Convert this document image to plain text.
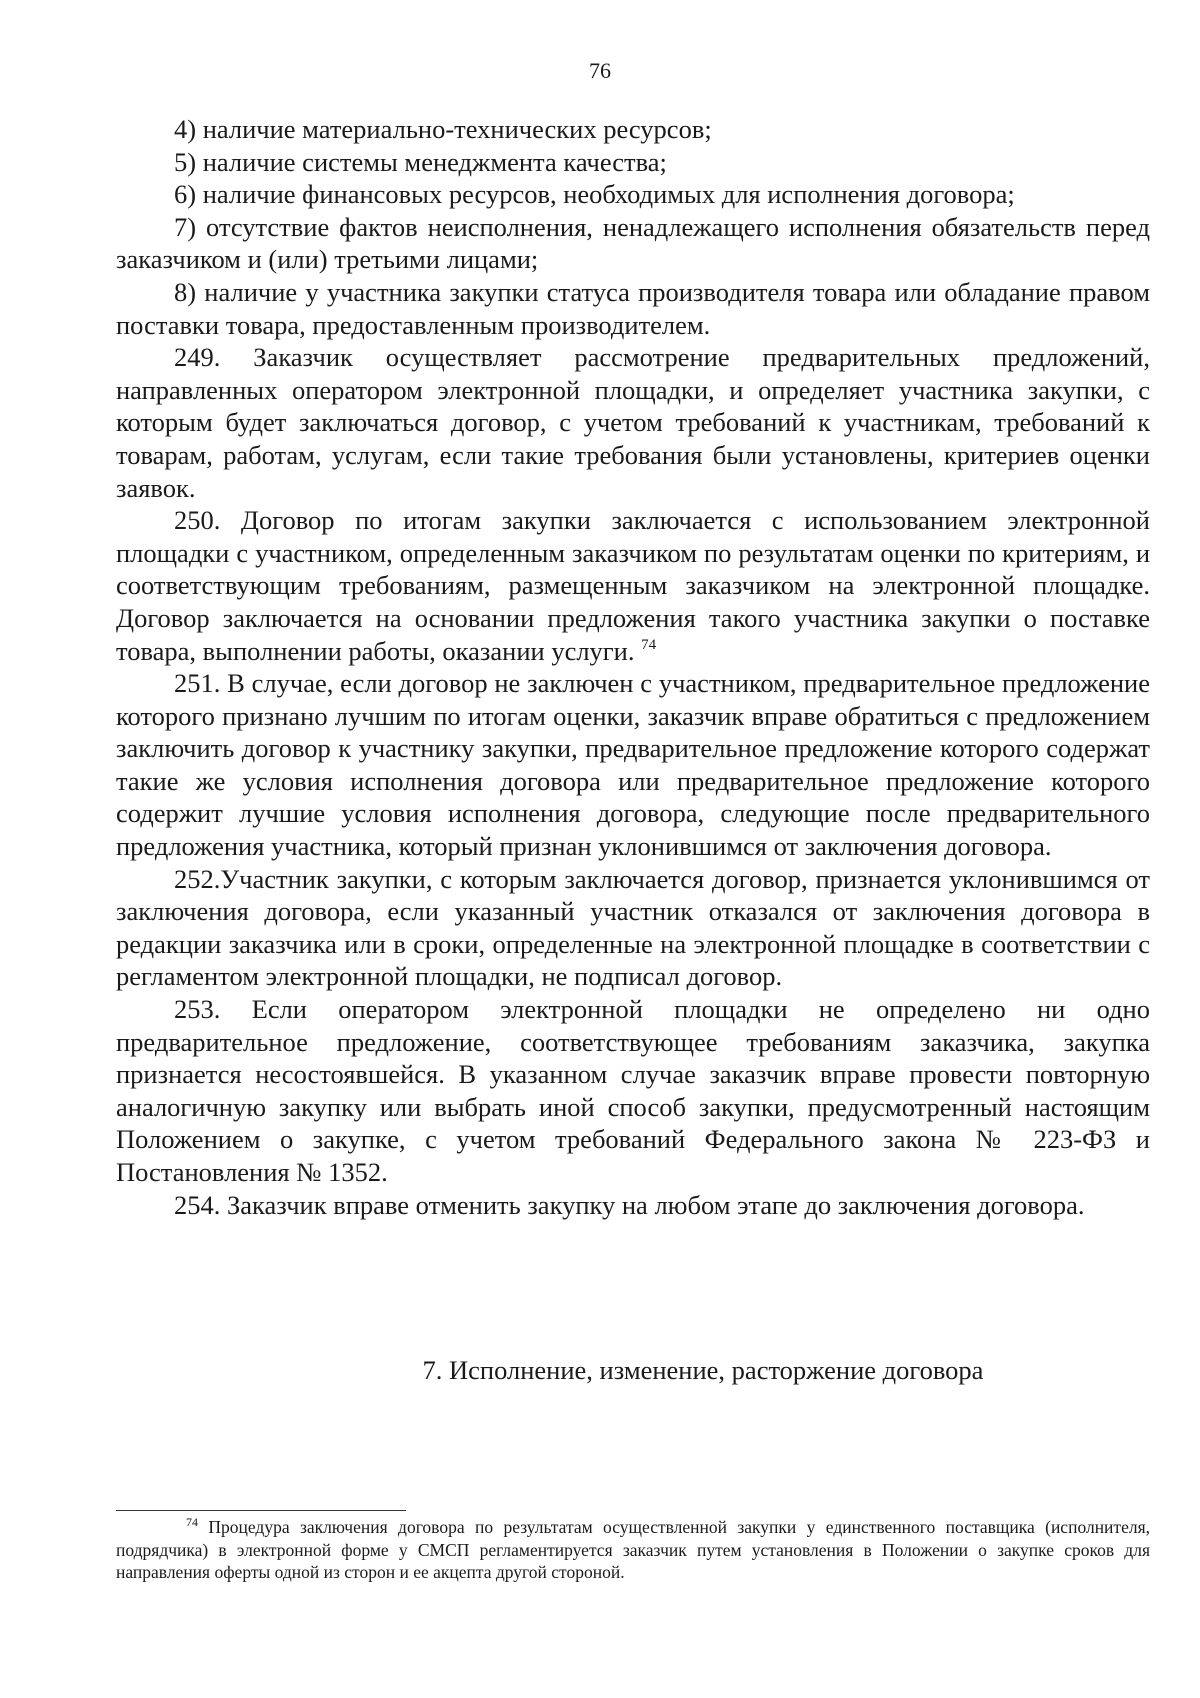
76

4) наличие материально-технических ресурсов;

5) наличие системы менеджмента качества;

6) наличие финансовых ресурсов, необходимых для исполнения договора;

7) отсутствие фактов неисполнения, ненадлежащего исполнения обязательств перед заказчиком и (или) третьими лицами;

8) наличие у участника закупки статуса производителя товара или обладание правом поставки товара, предоставленным производителем.

249. Заказчик осуществляет рассмотрение предварительных предложений, направленных оператором электронной площадки, и определяет участника закупки, с которым будет заключаться договор, с учетом требований к участникам, требований к товарам, работам, услугам, если такие требования были установлены, критериев оценки заявок.

250. Договор по итогам закупки заключается с использованием электронной площадки с участником, определенным заказчиком по результатам оценки по критериям, и соответствующим требованиям, размещенным заказчиком на электронной площадке. Договор заключается на основании предложения такого участника закупки о поставке товара, выполнении работы, оказании услуги. $^{74}$

251. В случае, если договор не заключен с участником, предварительное предложение которого признано лучшим по итогам оценки, заказчик вправе обратиться с предложением заключить договор к участнику закупки, предварительное предложение которого содержат такие же условия исполнения договора или предварительное предложение которого содержит лучшие условия исполнения договора, следующие после предварительного предложения участника, который признан уклонившимся от заключения договора.

252.Участник закупки, с которым заключается договор, признается уклонившимся от заключения договора, если указанный участник отказался от заключения договора в редакции заказчика или в сроки, определенные на электронной площадке в соответствии с регламентом электронной площадки, не подписал договор.

253. Если оператором электронной площадки не определено ни одно предварительное предложение, соответствующее требованиям заказчика, закупка признается несостоявшейся. В указанном случае заказчик вправе провести повторную аналогичную закупку или выбрать иной способ закупки, предусмотренный настоящим Положением о закупке, с учетом требований Федерального закона № 223-ФЗ и Постановления № 1352.

254. Заказчик вправе отменить закупку на любом этапе до заключения договора.

7. Исполнение, изменение, расторжение договора

$^{74}$ Процедура заключения договора по результатам осуществленной закупки у единственного поставщика (исполнителя, подрядчика) в электронной форме у СМСП регламентируется заказчик путем установления в Положении о закупке сроков для направления оферты одной из сторон и ее акцепта другой стороной.
